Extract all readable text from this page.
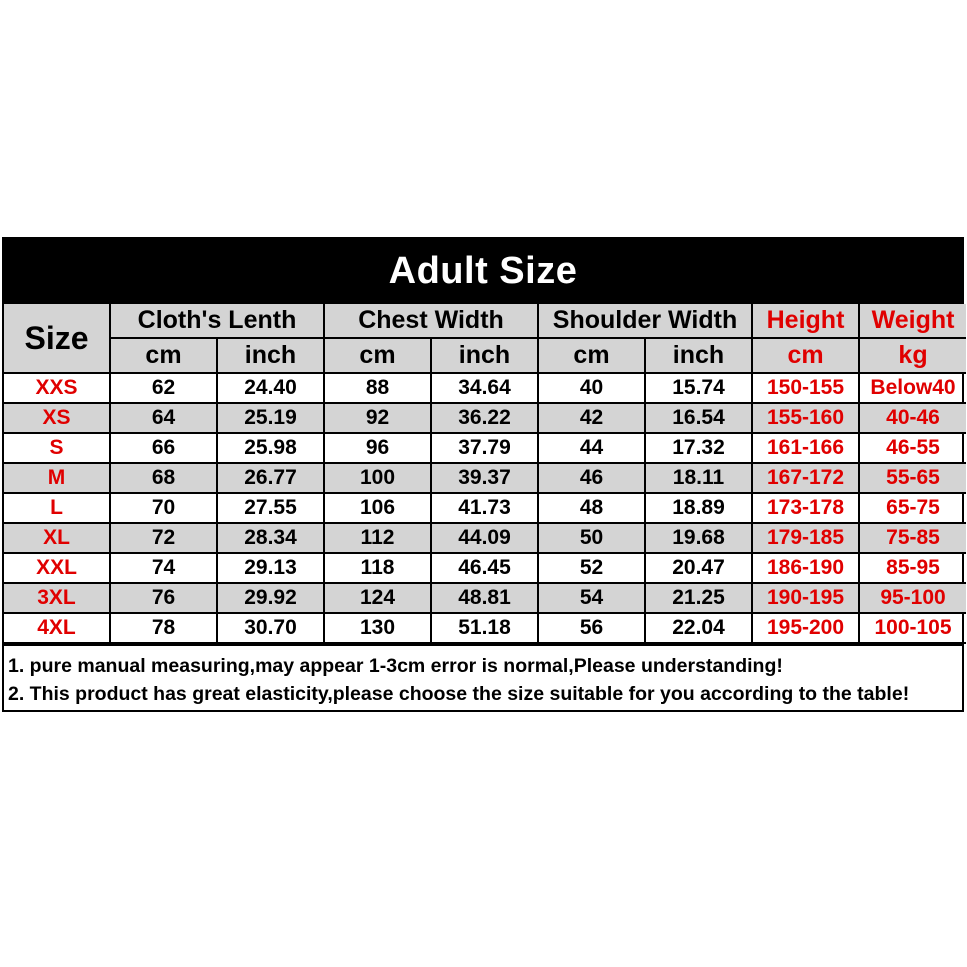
Adult Size
Size	Cloth's Lenth		Chest Width		Shoulder Width		Height	Weight
	cm	inch	cm	inch	cm	inch	cm	kg
XXS	62	24.40	88	34.64	40	15.74	150-155	Below40
XS	64	25.19	92	36.22	42	16.54	155-160	40-46
S	66	25.98	96	37.79	44	17.32	161-166	46-55
M	68	26.77	100	39.37	46	18.11	167-172	55-65
L	70	27.55	106	41.73	48	18.89	173-178	65-75
XL	72	28.34	112	44.09	50	19.68	179-185	75-85
XXL	74	29.13	118	46.45	52	20.47	186-190	85-95
3XL	76	29.92	124	48.81	54	21.25	190-195	95-100
4XL	78	30.70	130	51.18	56	22.04	195-200	100-105
1. pure manual measuring,may appear 1-3cm error is normal,Please understanding!
2. This product has great elasticity,please choose the size suitable for you according to the table!
